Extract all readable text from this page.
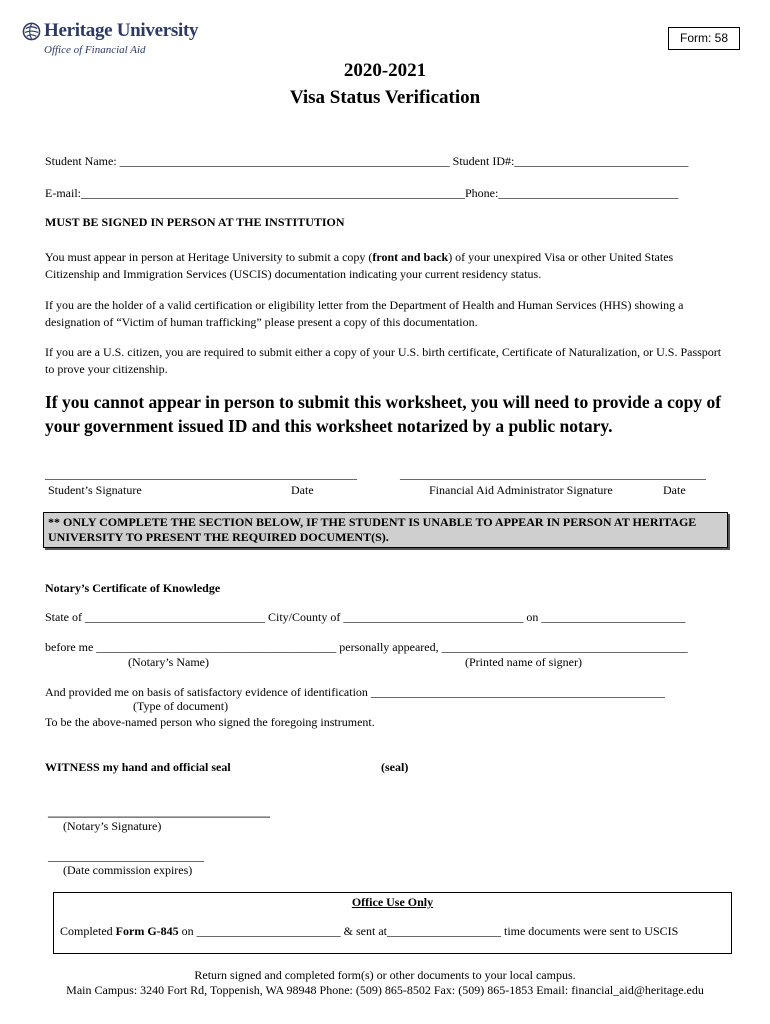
Heritage University
Office of Financial Aid
Form: 58
2020-2021
Visa Status Verification
Student Name: _______________________________________________________ Student ID#:_____________________________
E-mail:________________________________________________________________Phone:______________________________
MUST BE SIGNED IN PERSON AT THE INSTITUTION
You must appear in person at Heritage University to submit a copy (front and back) of your unexpired Visa or other United States Citizenship and Immigration Services (USCIS) documentation indicating your current residency status.
If you are the holder of a valid certification or eligibility letter from the Department of Health and Human Services (HHS) showing a designation of “Victim of human trafficking” please present a copy of this documentation.
If you are a U.S. citizen, you are required to submit either a copy of your U.S. birth certificate, Certificate of Naturalization, or U.S. Passport to prove your citizenship.
If you cannot appear in person to submit this worksheet, you will need to provide a copy of your government issued ID and this worksheet notarized by a public notary.
____________________________________________________	___________________________________________________
Student’s Signature	Date	Financial Aid Administrator Signature	Date
** ONLY COMPLETE THE SECTION BELOW, IF THE STUDENT IS UNABLE TO APPEAR IN PERSON AT HERITAGE UNIVERSITY TO PRESENT THE REQUIRED DOCUMENT(S).
Notary’s Certificate of Knowledge
State of ______________________________ City/County of ______________________________ on ________________________
before me ________________________________________ personally appeared, _________________________________________
(Notary’s Name)	(Printed name of signer)
And provided me on basis of satisfactory evidence of identification _________________________________________________
(Type of document)
To be the above-named person who signed the foregoing instrument.
WITNESS my hand and official seal	(seal)
_____________________________________
(Notary’s Signature)
__________________________
(Date commission expires)
Office Use Only
Completed Form G-845 on ________________________ & sent at___________________ time documents were sent to USCIS
Return signed and completed form(s) or other documents to your local campus.
Main Campus: 3240 Fort Rd, Toppenish, WA 98948 Phone: (509) 865-8502 Fax: (509) 865-1853 Email: financial_aid@heritage.edu
